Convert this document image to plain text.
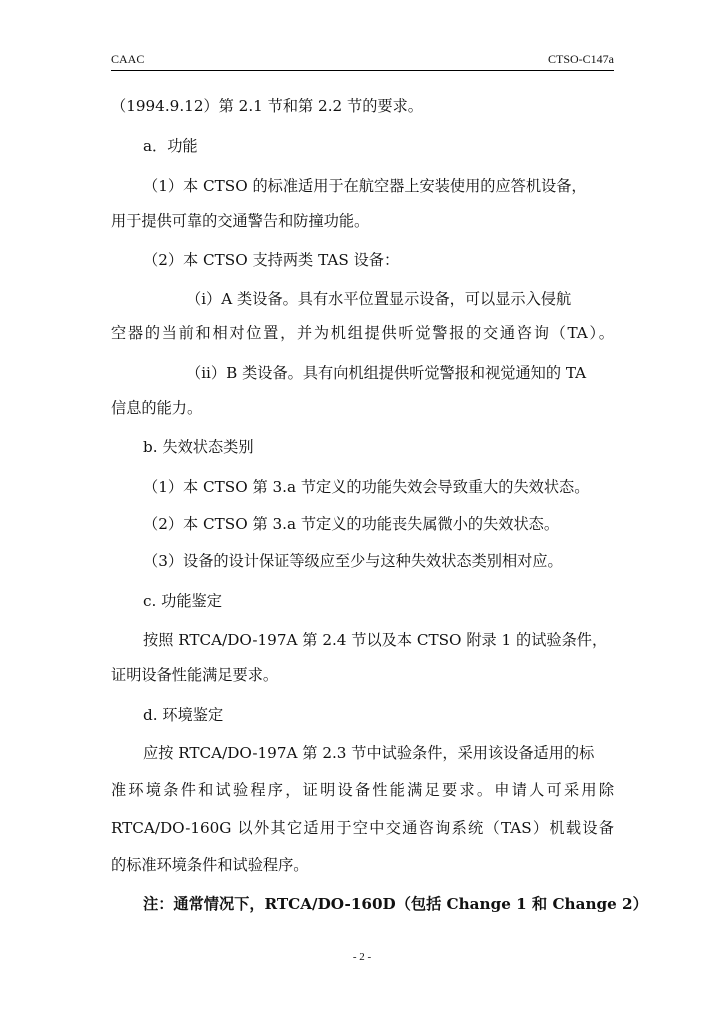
CAAC	CTSO-C147a
（1994.9.12）第 2.1 节和第 2.2 节的要求。
a．功能
（1）本 CTSO 的标准适用于在航空器上安装使用的应答机设备，
用于提供可靠的交通警告和防撞功能。
（2）本 CTSO 支持两类 TAS 设备：
（i）A 类设备。具有水平位置显示设备，可以显示入侵航
空器的当前和相对位置，并为机组提供听觉警报的交通咨询（TA）。
（ii）B 类设备。具有向机组提供听觉警报和视觉通知的 TA
信息的能力。
b. 失效状态类别
（1）本 CTSO 第 3.a 节定义的功能失效会导致重大的失效状态。
（2）本 CTSO 第 3.a 节定义的功能丧失属微小的失效状态。
（3）设备的设计保证等级应至少与这种失效状态类别相对应。
c. 功能鉴定
按照 RTCA/DO-197A 第 2.4 节以及本 CTSO 附录 1 的试验条件，
证明设备性能满足要求。
d. 环境鉴定
应按 RTCA/DO-197A 第 2.3 节中试验条件，采用该设备适用的标
准环境条件和试验程序，证明设备性能满足要求。申请人可采用除
RTCA/DO-160G 以外其它适用于空中交通咨询系统（TAS）机载设备
的标准环境条件和试验程序。
注：通常情况下，RTCA/DO-160D（包括 Change 1 和 Change 2）
- 2 -
